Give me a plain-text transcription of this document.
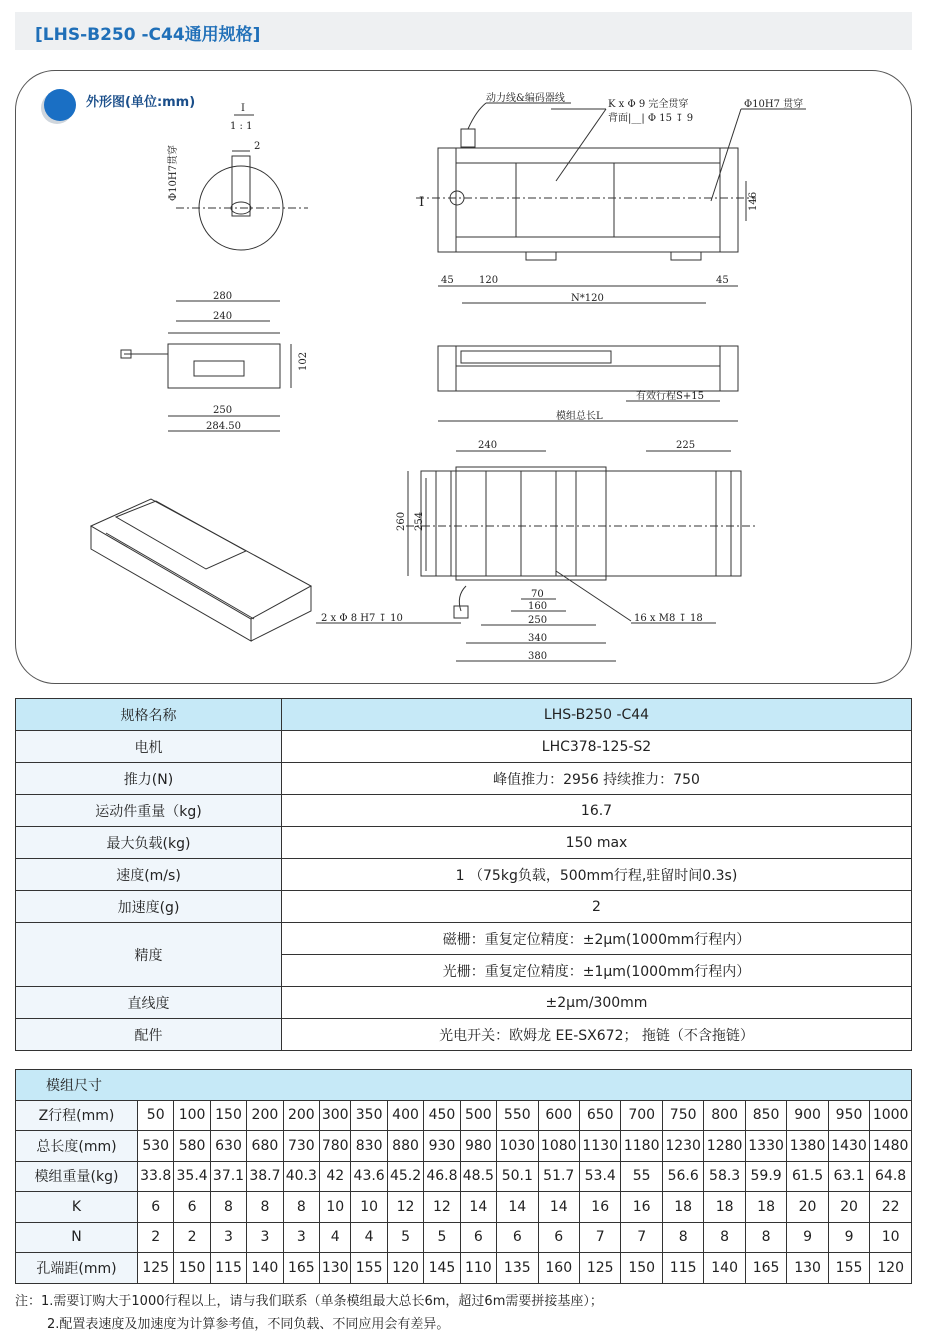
[LHS-B250 -C44通用规格]
外形图(单位:mm)	I
1 : 1
Φ10H7贯穿	2
动力线&编码器线
K x Φ 9 完全贯穿
背面|__| Φ 15 ↧ 9
Φ10H7 贯穿
I	146
45	120	45
N*120
280
240
102
250
284.50
有效行程S+15
模组总长L
240	225
260 254
70
160
250
340
380
2 x Φ 8 H7 ↧ 10	16 x M8 ↧ 18
规格名称	LHS-B250 -C44
电机	LHC378-125-S2
推力(N)	峰值推力：2956 持续推力：750
运动件重量（kg)	16.7
最大负载(kg)	150 max
速度(m/s)	1 （75kg负载，500mm行程,驻留时间0.3s)
加速度(g)	2
精度	磁栅：重复定位精度：±2μm(1000mm行程内）
	光栅：重复定位精度：±1μm(1000mm行程内）
直线度	±2μm/300mm
配件	光电开关：欧姆龙 EE-SX672； 拖链（不含拖链）
模组尺寸																				
Z行程(mm)	50	100	150	200	200	300	350	400	450	500	550	600	650	700	750	800	850	900	950	1000
总长度(mm)	530	580	630	680	730	780	830	880	930	980	1030	1080	1130	1180	1230	1280	1330	1380	1430	1480
模组重量(kg)	33.8	35.4	37.1	38.7	40.3	42	43.6	45.2	46.8	48.5	50.1	51.7	53.4	55	56.6	58.3	59.9	61.5	63.1	64.8
K	6	6	8	8	8	10	10	12	12	14	14	14	16	16	18	18	18	20	20	22
N	2	2	3	3	3	4	4	5	5	6	6	6	7	7	8	8	8	9	9	10
孔端距(mm)	125	150	115	140	165	130	155	120	145	110	135	160	125	150	115	140	165	130	155	120
注：1.需要订购大于1000行程以上，请与我们联系（单条模组最大总长6m，超过6m需要拼接基座）；
2.配置表速度及加速度为计算参考值，不同负载、不同应用会有差异。
